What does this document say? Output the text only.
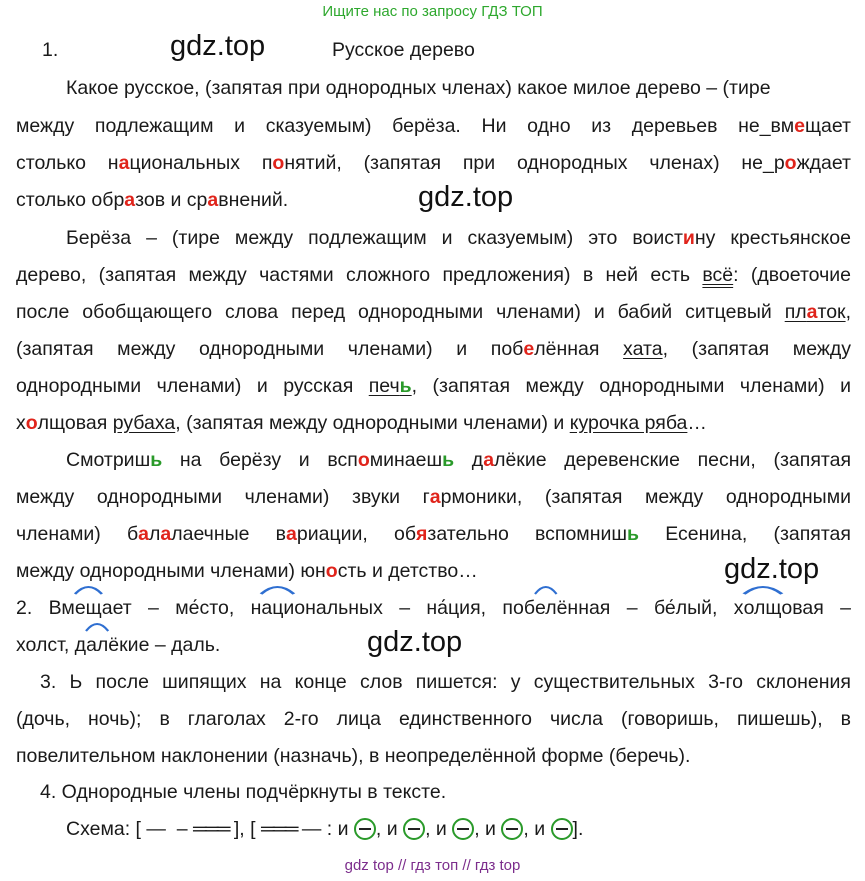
Ищите нас по запросу ГДЗ ТОП
gdz.top
gdz.top
gdz.top
gdz.top
1.	Русское дерево
Какое русское, (запятая при однородных членах) какое милое дерево – (тире
между подлежащим и сказуемым) берёза. Ни одно из деревьев не_вмещает
столько национальных понятий, (запятая при однородных членах) не_рождает
столько образов и сравнений.
Берёза – (тире между подлежащим и сказуемым) это воистину крестьянское
дерево, (запятая между частями сложного предложения) в ней есть всё: (двоеточие
после обобщающего слова перед однородными членами) и бабий ситцевый платок,
(запятая между однородными членами) и побелённая хата, (запятая между
однородными членами) и русская печь, (запятая между однородными членами) и
холщовая рубаха, (запятая между однородными членами) и курочка ряба…
Смотришь на берёзу и вспоминаешь далёкие деревенские песни, (запятая
между однородными членами) звуки гармоники, (запятая между однородными
членами) балалаечные вариации, обязательно вспомнишь Есенина, (запятая
между однородными членами) юность и детство…
2. Вмещ
ает – ме́сто, наци
ональных – на́ция, побел
ённая – бе́лый, холщ
овая –
холст, дал
ёкие – даль.
3. Ь после шипящих на конце слов пишется: у существительных 3-го склонения
(дочь, ночь); в глаголах 2-го лица единственного числа (говоришь, пишешь), в
повелительном наклонении (назначь), в неопределённой форме (беречь).
4. Однородные члены подчёркнуты в тексте.
Схема: [ —  – ═══ ], [ ═══ — : и , и , и , и , и ].
gdz top // гдз топ // гдз top
